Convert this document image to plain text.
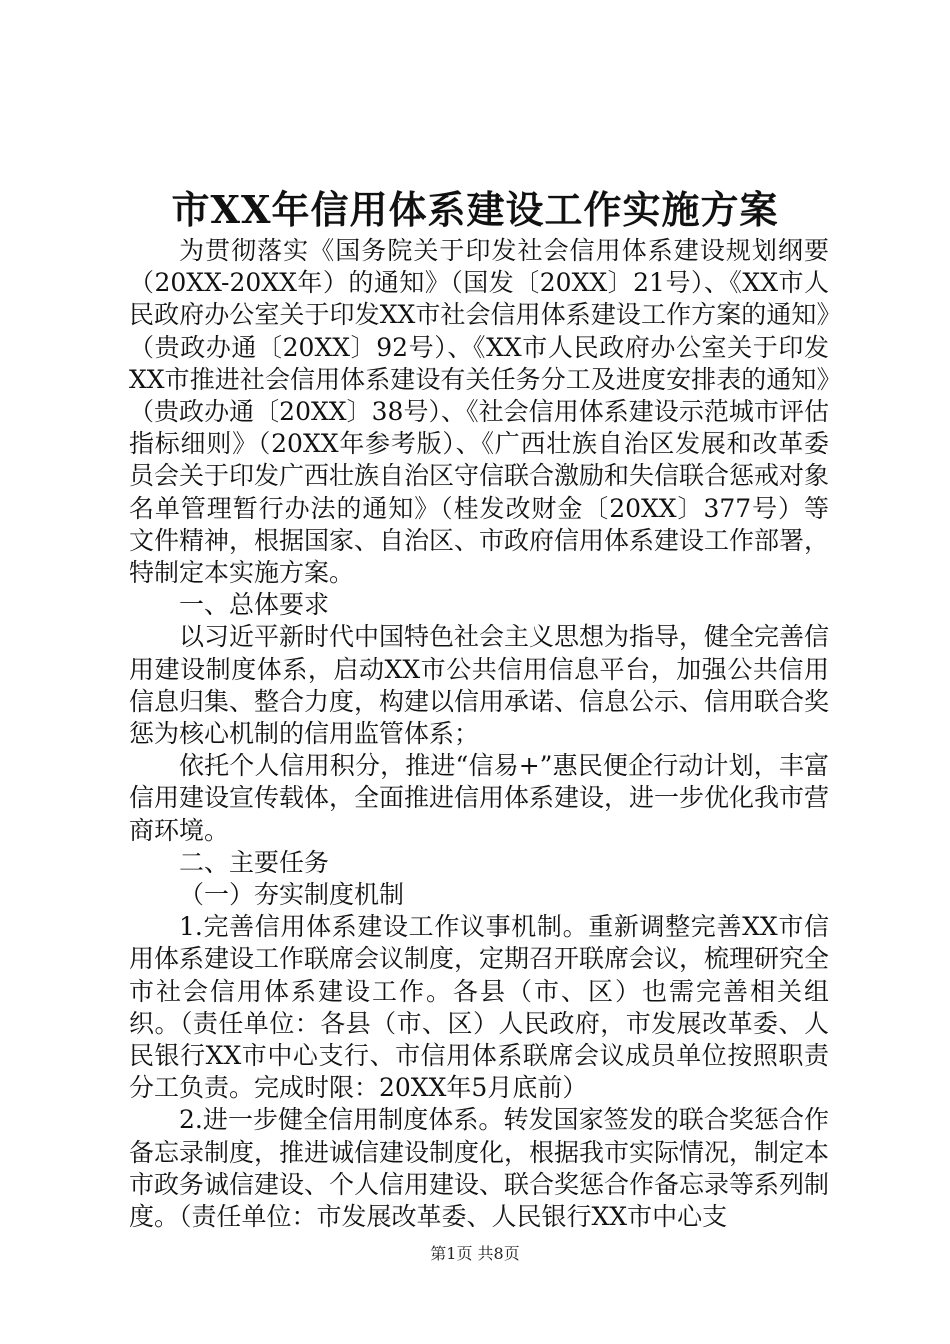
市XX年信用体系建设工作实施方案

为贯彻落实《国务院关于印发社会信用体系建设规划纲要（20XX-20XX年）的通知》（国发〔20XX〕21号）、《XX市人民政府办公室关于印发XX市社会信用体系建设工作方案的通知》（贵政办通〔20XX〕92号）、《XX市人民政府办公室关于印发XX市推进社会信用体系建设有关任务分工及进度安排表的通知》（贵政办通〔20XX〕38号）、《社会信用体系建设示范城市评估指标细则》（20XX年参考版）、《广西壮族自治区发展和改革委员会关于印发广西壮族自治区守信联合激励和失信联合惩戒对象名单管理暂行办法的通知》（桂发改财金〔20XX〕377号）等文件精神，根据国家、自治区、市政府信用体系建设工作部署，特制定本实施方案。

一、总体要求

以习近平新时代中国特色社会主义思想为指导，健全完善信用建设制度体系，启动XX市公共信用信息平台，加强公共信用信息归集、整合力度，构建以信用承诺、信息公示、信用联合奖惩为核心机制的信用监管体系；

依托个人信用积分，推进“信易+”惠民便企行动计划，丰富信用建设宣传载体，全面推进信用体系建设，进一步优化我市营商环境。

二、主要任务

（一）夯实制度机制

1.完善信用体系建设工作议事机制。重新调整完善XX市信用体系建设工作联席会议制度，定期召开联席会议，梳理研究全市社会信用体系建设工作。各县（市、区）也需完善相关组织。（责任单位：各县（市、区）人民政府，市发展改革委、人民银行XX市中心支行、市信用体系联席会议成员单位按照职责分工负责。完成时限：20XX年5月底前）

2.进一步健全信用制度体系。转发国家签发的联合奖惩合作备忘录制度，推进诚信建设制度化，根据我市实际情况，制定本市政务诚信建设、个人信用建设、联合奖惩合作备忘录等系列制度。（责任单位：市发展改革委、人民银行XX市中心支

第1页 共8页
